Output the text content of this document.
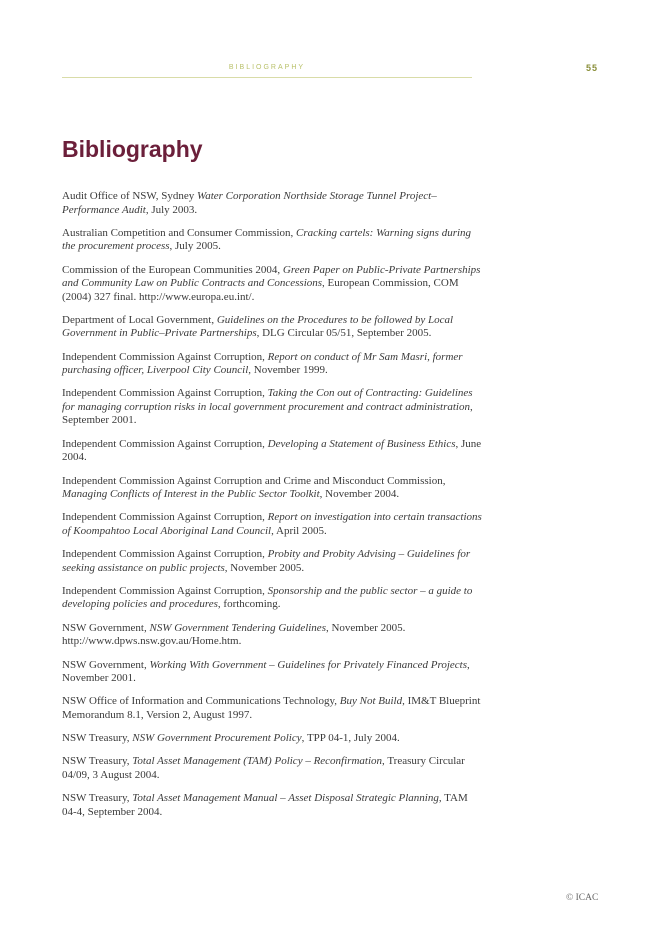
BIBLIOGRAPHY	55
Bibliography

Audit Office of NSW, Sydney Water Corporation Northside Storage Tunnel Project–Performance Audit, July 2003.

Australian Competition and Consumer Commission, Cracking cartels: Warning signs during the procurement process, July 2005.

Commission of the European Communities 2004, Green Paper on Public-Private Partnerships and Community Law on Public Contracts and Concessions, European Commission, COM (2004) 327 final. http://www.europa.eu.int/.

Department of Local Government, Guidelines on the Procedures to be followed by Local Government in Public–Private Partnerships, DLG Circular 05/51, September 2005.

Independent Commission Against Corruption, Report on conduct of Mr Sam Masri, former purchasing officer, Liverpool City Council, November 1999.

Independent Commission Against Corruption, Taking the Con out of Contracting: Guidelines for managing corruption risks in local government procurement and contract administration, September 2001.

Independent Commission Against Corruption, Developing a Statement of Business Ethics, June 2004.

Independent Commission Against Corruption and Crime and Misconduct Commission, Managing Conflicts of Interest in the Public Sector Toolkit, November 2004.

Independent Commission Against Corruption, Report on investigation into certain transactions of Koompahtoo Local Aboriginal Land Council, April 2005.

Independent Commission Against Corruption, Probity and Probity Advising – Guidelines for seeking assistance on public projects, November 2005.

Independent Commission Against Corruption, Sponsorship and the public sector – a guide to developing policies and procedures, forthcoming.

NSW Government, NSW Government Tendering Guidelines, November 2005. http://www.dpws.nsw.gov.au/Home.htm.

NSW Government, Working With Government – Guidelines for Privately Financed Projects, November 2001.

NSW Office of Information and Communications Technology, Buy Not Build, IM&T Blueprint Memorandum 8.1, Version 2, August 1997.

NSW Treasury, NSW Government Procurement Policy, TPP 04-1, July 2004.

NSW Treasury, Total Asset Management (TAM) Policy – Reconfirmation, Treasury Circular 04/09, 3 August 2004.

NSW Treasury, Total Asset Management Manual – Asset Disposal Strategic Planning, TAM 04-4, September 2004.

© ICAC
